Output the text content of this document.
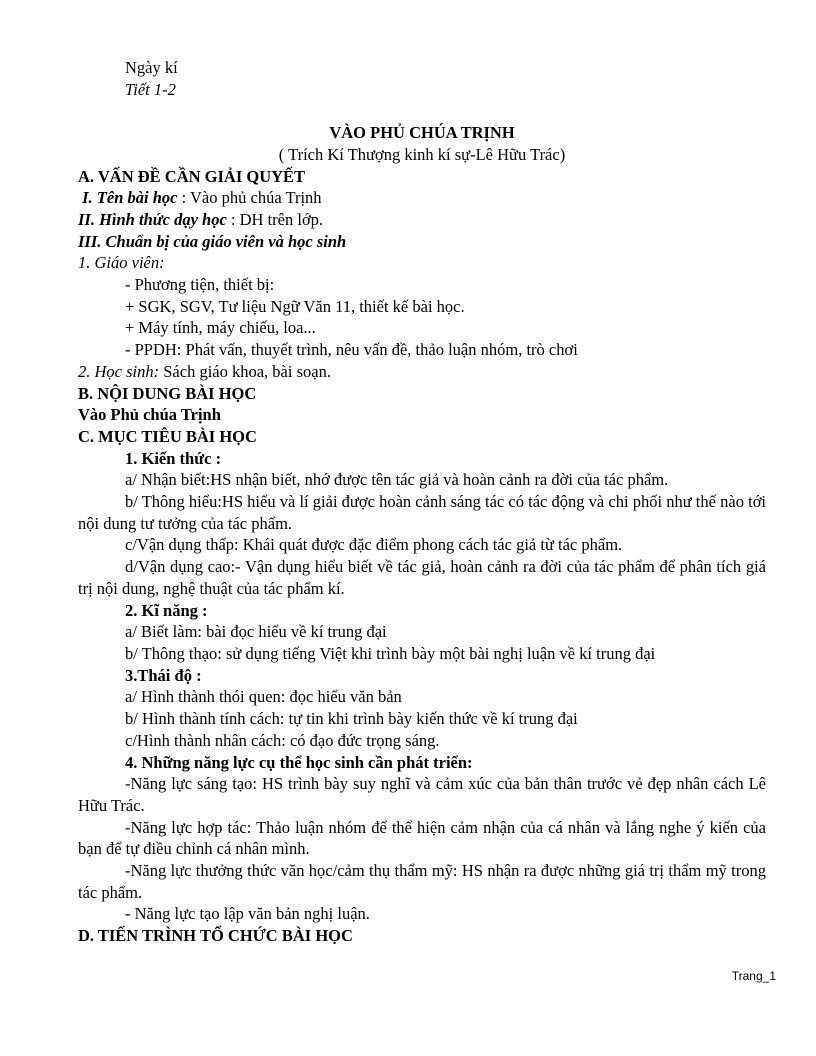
Ngày kí

Tiết 1-2

VÀO PHỦ CHÚA TRỊNH

( Trích Kí Thượng kinh kí sự-Lê Hữu Trác)

A. VẤN ĐỀ CẦN GIẢI QUYẾT

I. Tên bài học : Vào phủ chúa Trịnh

II. Hình thức dạy học : DH trên lớp.

III. Chuẩn bị của giáo viên và học sinh

1. Giáo viên:

- Phương tiện, thiết bị:

+ SGK, SGV, Tư liệu Ngữ Văn 11, thiết kế bài học.

+ Máy tính, máy chiếu, loa...

- PPDH: Phát vấn, thuyết trình, nêu vấn đề, thảo luận nhóm, trò chơi

2. Học sinh: Sách giáo khoa, bài soạn.

B. NỘI DUNG BÀI HỌC

Vào Phủ chúa Trịnh

C. MỤC TIÊU BÀI HỌC

1. Kiến thức :

a/ Nhận biết:HS nhận biết, nhớ được tên tác giả và hoàn cảnh ra đời của tác phẩm.

b/ Thông hiểu:HS hiểu và lí giải được hoàn cảnh sáng tác có tác động và chi phối như thế nào tới nội dung tư tưởng của tác phẩm.

c/Vận dụng thấp: Khái quát được đặc điểm phong cách tác giả từ tác phẩm.

d/Vận dụng cao:- Vận dụng hiểu biết về tác giả, hoàn cảnh ra đời của tác phẩm để phân tích giá trị nội dung, nghệ thuật của tác phẩm kí.

2. Kĩ năng :

a/ Biết làm: bài đọc hiểu về kí trung đại

b/ Thông thạo: sử dụng tiếng Việt khi trình bày một bài nghị luận về kí trung đại

3.Thái độ :

a/ Hình thành thói quen: đọc hiểu văn bản

b/ Hình thành tính cách: tự tin khi trình bày kiến thức về kí trung đại

c/Hình thành nhân cách: có đạo đức trọng sáng.

4. Những năng lực cụ thể học sinh cần phát triển:

-Năng lực sáng tạo: HS trình bày suy nghĩ và cảm xúc của bản thân trước vẻ đẹp nhân cách Lê Hữu Trác.

-Năng lực hợp tác: Thảo luận nhóm để thể hiện cảm nhận của cá nhân và lắng nghe ý kiến của bạn để tự điều chỉnh cá nhân mình.

-Năng lực thưởng thức văn học/cảm thụ thẩm mỹ: HS nhận ra được những giá trị thẩm mỹ trong tác phẩm.

- Năng lực tạo lập văn bản nghị luận.

D. TIẾN TRÌNH TỔ CHỨC BÀI HỌC

Trang_1
